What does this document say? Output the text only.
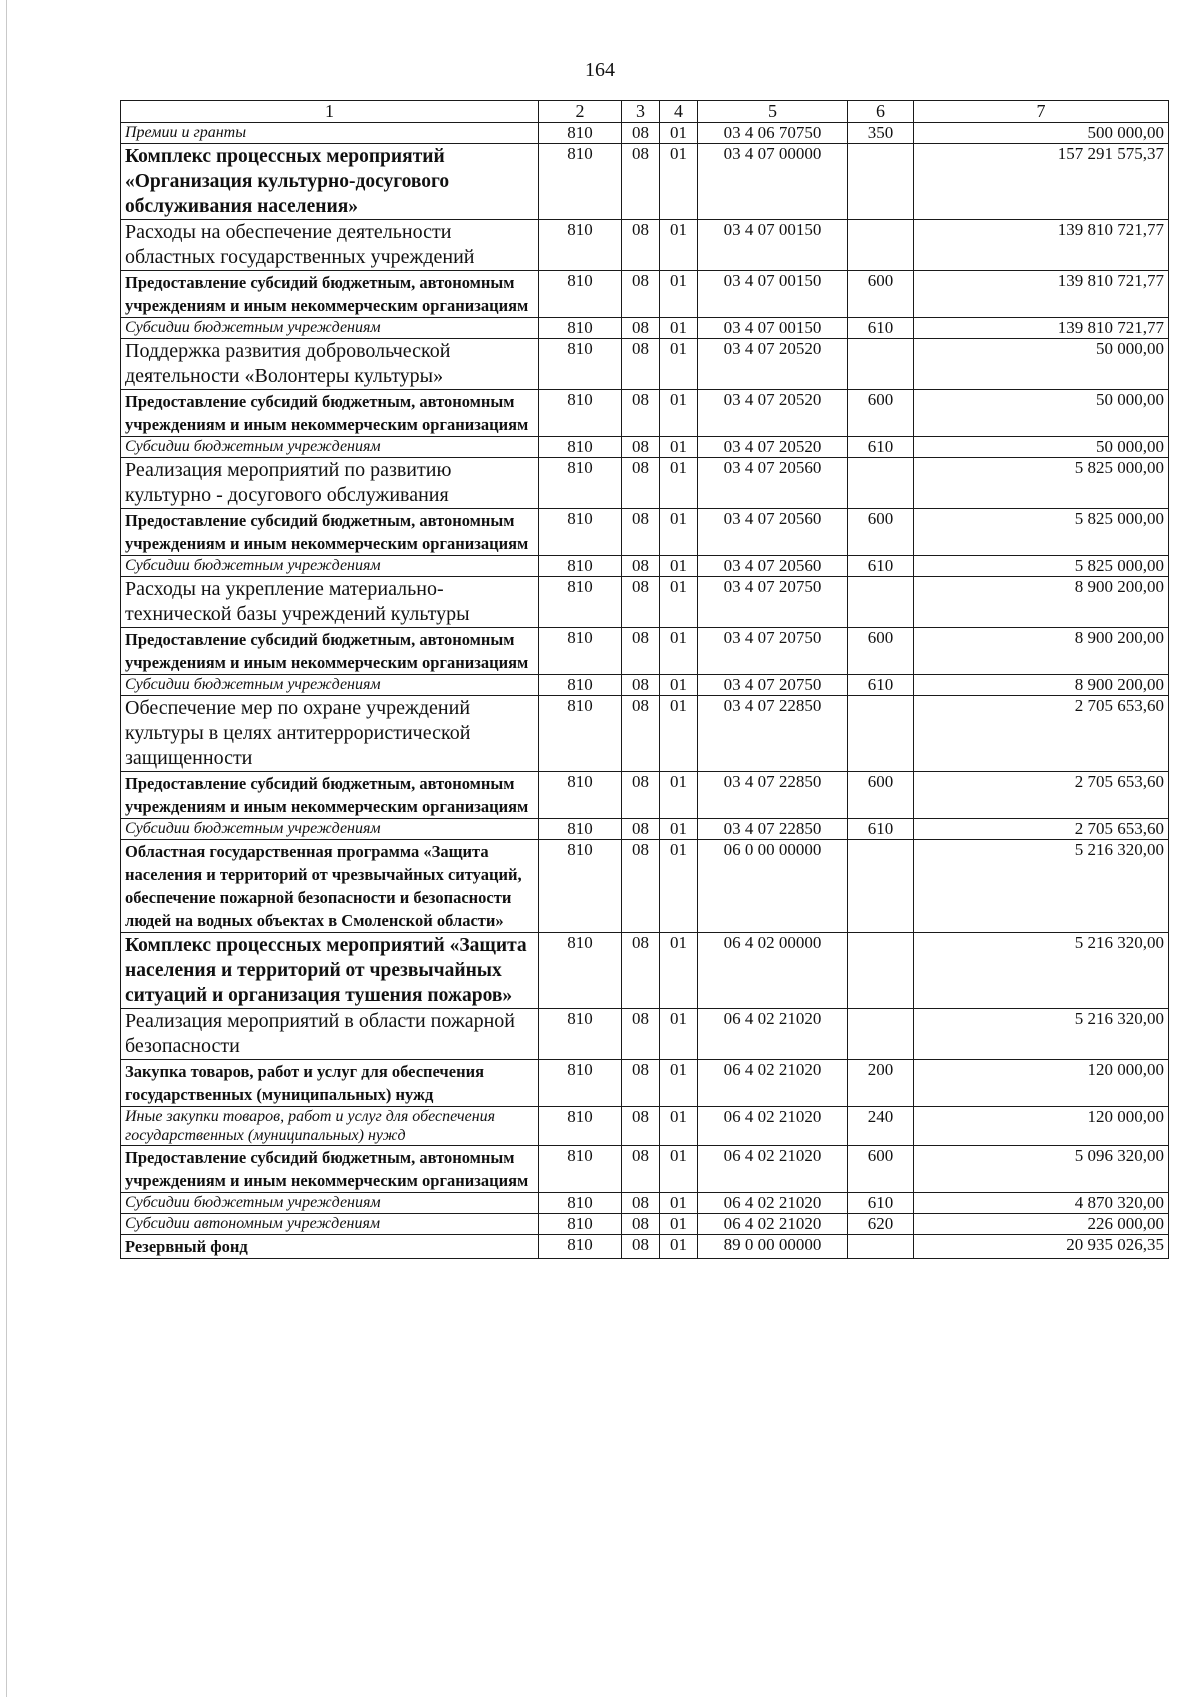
164
1	2	3	4	5	6	7
Премии и гранты	810	08	01	03 4 06 70750	350	500 000,00
Комплекс процессных мероприятий «Организация культурно-досугового обслуживания населения»	810	08	01	03 4 07 00000		157 291 575,37
Расходы на обеспечение деятельности областных государственных учреждений	810	08	01	03 4 07 00150		139 810 721,77
Предоставление субсидий бюджетным, автономным учреждениям и иным некоммерческим организациям	810	08	01	03 4 07 00150	600	139 810 721,77
Субсидии бюджетным учреждениям	810	08	01	03 4 07 00150	610	139 810 721,77
Поддержка развития добровольческой деятельности «Волонтеры культуры»	810	08	01	03 4 07 20520		50 000,00
Предоставление субсидий бюджетным, автономным учреждениям и иным некоммерческим организациям	810	08	01	03 4 07 20520	600	50 000,00
Субсидии бюджетным учреждениям	810	08	01	03 4 07 20520	610	50 000,00
Реализация мероприятий по развитию культурно - досугового обслуживания	810	08	01	03 4 07 20560		5 825 000,00
Предоставление субсидий бюджетным, автономным учреждениям и иным некоммерческим организациям	810	08	01	03 4 07 20560	600	5 825 000,00
Субсидии бюджетным учреждениям	810	08	01	03 4 07 20560	610	5 825 000,00
Расходы на укрепление материально-технической базы учреждений культуры	810	08	01	03 4 07 20750		8 900 200,00
Предоставление субсидий бюджетным, автономным учреждениям и иным некоммерческим организациям	810	08	01	03 4 07 20750	600	8 900 200,00
Субсидии бюджетным учреждениям	810	08	01	03 4 07 20750	610	8 900 200,00
Обеспечение мер по охране учреждений культуры в целях антитеррористической защищенности	810	08	01	03 4 07 22850		2 705 653,60
Предоставление субсидий бюджетным, автономным учреждениям и иным некоммерческим организациям	810	08	01	03 4 07 22850	600	2 705 653,60
Субсидии бюджетным учреждениям	810	08	01	03 4 07 22850	610	2 705 653,60
Областная государственная программа «Защита населения и территорий от чрезвычайных ситуаций, обеспечение пожарной безопасности и безопасности людей на водных объектах в Смоленской области»	810	08	01	06 0 00 00000		5 216 320,00
Комплекс процессных мероприятий «Защита населения и территорий от чрезвычайных ситуаций и организация тушения пожаров»	810	08	01	06 4 02 00000		5 216 320,00
Реализация мероприятий в области пожарной безопасности	810	08	01	06 4 02 21020		5 216 320,00
Закупка товаров, работ и услуг для обеспечения государственных (муниципальных) нужд	810	08	01	06 4 02 21020	200	120 000,00
Иные закупки товаров, работ и услуг для обеспечения государственных (муниципальных) нужд	810	08	01	06 4 02 21020	240	120 000,00
Предоставление субсидий бюджетным, автономным учреждениям и иным некоммерческим организациям	810	08	01	06 4 02 21020	600	5 096 320,00
Субсидии бюджетным учреждениям	810	08	01	06 4 02 21020	610	4 870 320,00
Субсидии автономным учреждениям	810	08	01	06 4 02 21020	620	226 000,00
Резервный фонд	810	08	01	89 0 00 00000		20 935 026,35
